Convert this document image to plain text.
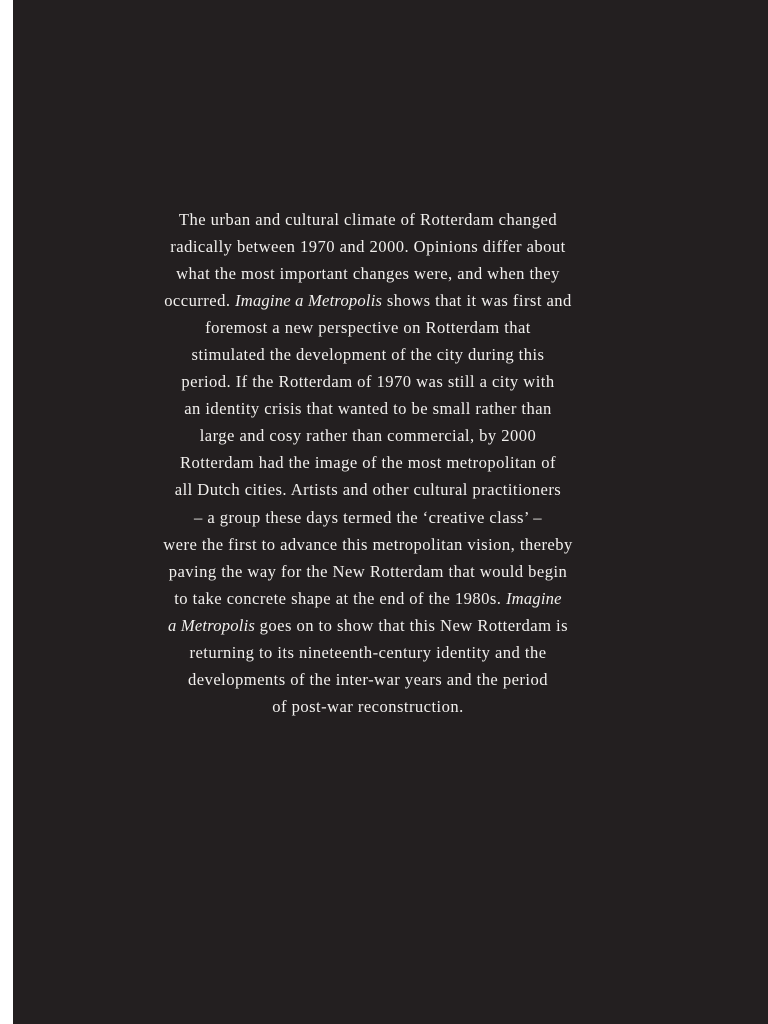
The urban and cultural climate of Rotterdam changed
radically between 1970 and 2000. Opinions differ about
what the most important changes were, and when they
occurred. Imagine a Metropolis shows that it was first and
foremost a new perspective on Rotterdam that
stimulated the development of the city during this
period. If the Rotterdam of 1970 was still a city with
an identity crisis that wanted to be small rather than
large and cosy rather than commercial, by 2000
Rotterdam had the image of the most metropolitan of
all Dutch cities. Artists and other cultural practitioners
– a group these days termed the ‘creative class’ –
were the first to advance this metropolitan vision, thereby
paving the way for the New Rotterdam that would begin
to take concrete shape at the end of the 1980s. Imagine
a Metropolis goes on to show that this New Rotterdam is
returning to its nineteenth-century identity and the
developments of the inter-war years and the period
of post-war reconstruction.
